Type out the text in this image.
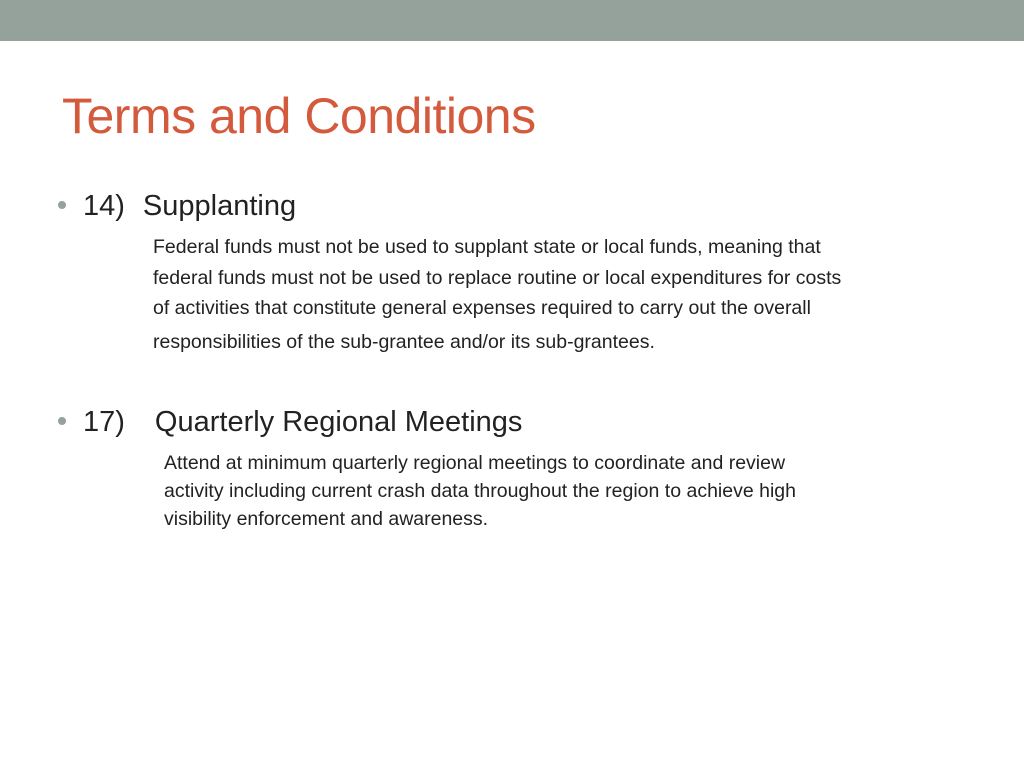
Terms and Conditions
14) Supplanting
Federal funds must not be used to supplant state or local funds, meaning that
federal funds must not be used to replace routine or local expenditures for costs
of activities that constitute general expenses required to carry out the overall
responsibilities of the sub-grantee and/or its sub-grantees.
17) Quarterly Regional Meetings
Attend at minimum quarterly regional meetings to coordinate and review
activity including current crash data throughout the region to achieve high
visibility enforcement and awareness.
